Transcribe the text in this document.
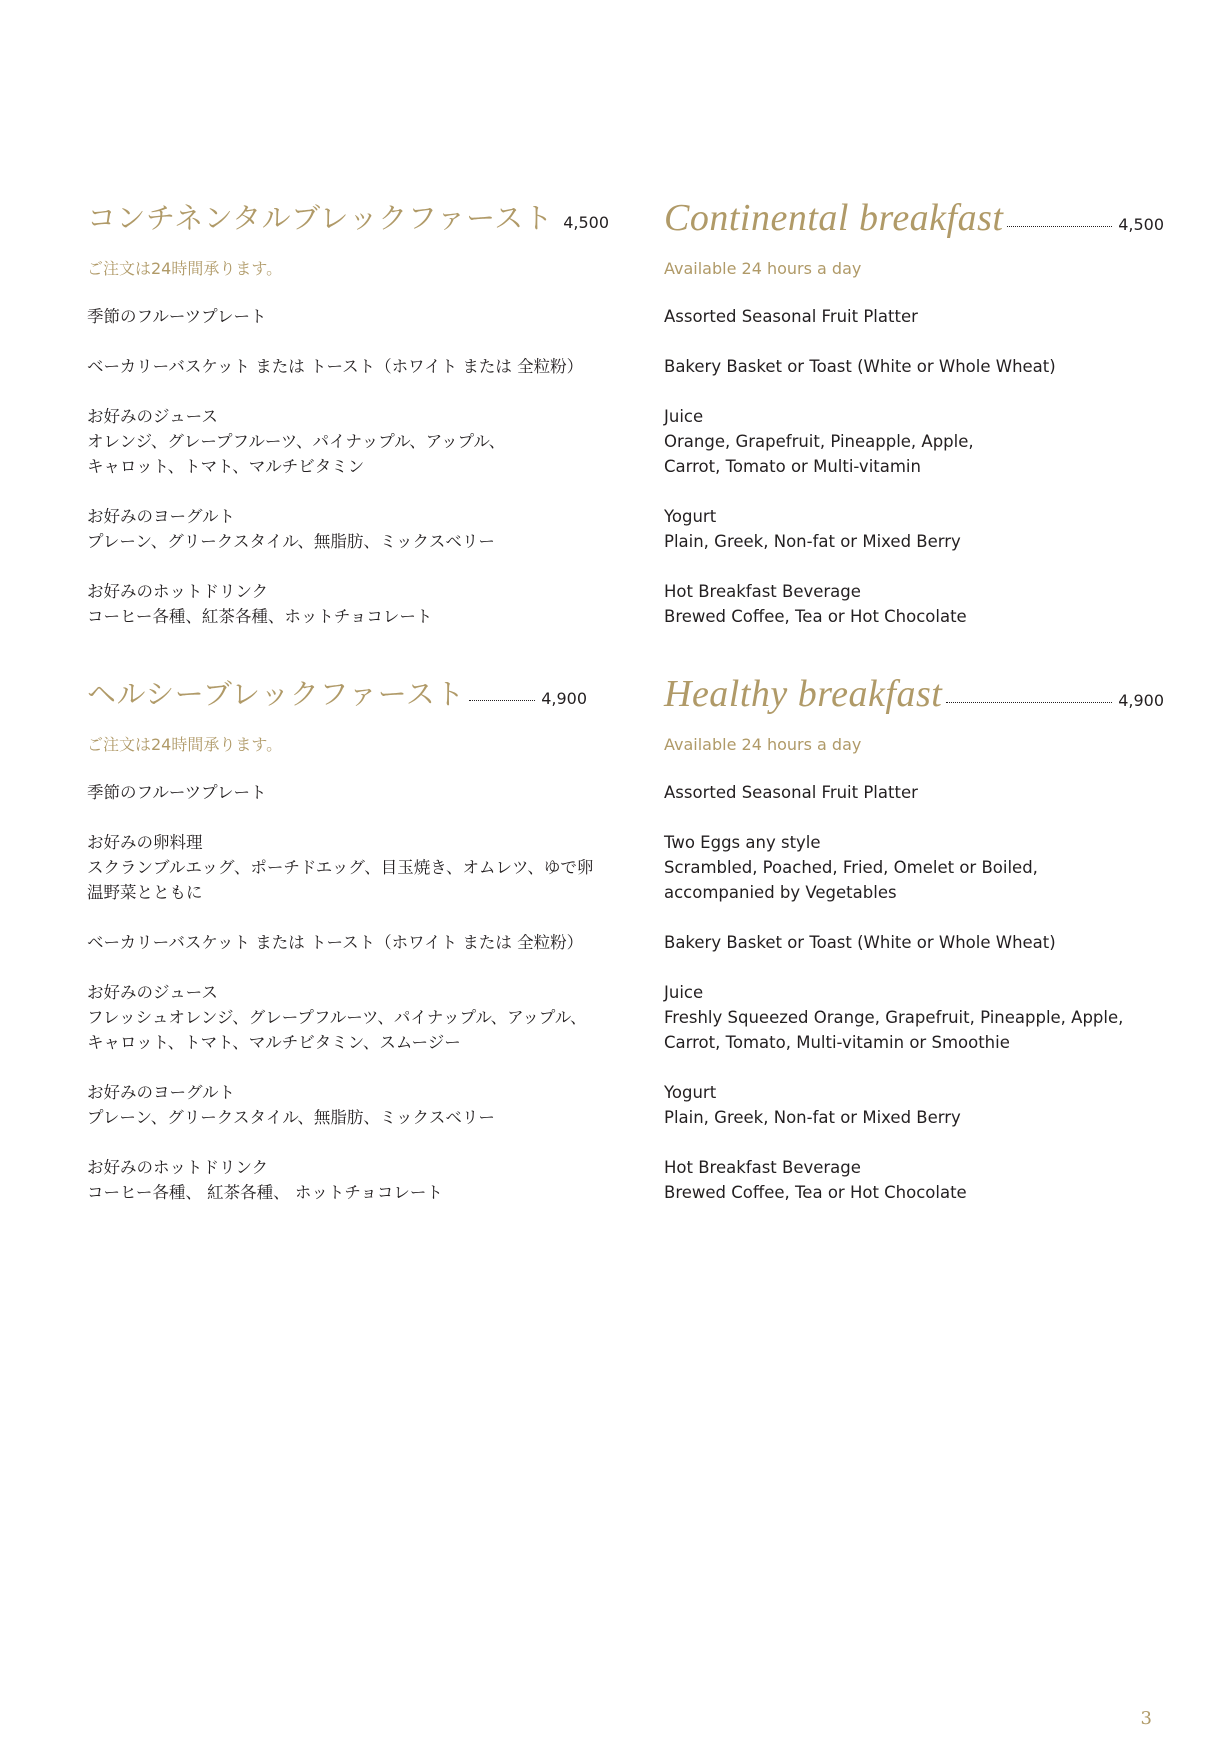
コンチネンタルブレックファースト 4,500
ご注文は24時間承ります。
季節のフルーツプレート
ベーカリーバスケット または トースト（ホワイト または 全粒粉）
お好みのジュース
オレンジ、グレープフルーツ、パイナップル、アップル、
キャロット、トマト、マルチビタミン
お好みのヨーグルト
プレーン、グリークスタイル、無脂肪、ミックスベリー
お好みのホットドリンク
コーヒー各種、紅茶各種、ホットチョコレート
Continental breakfast	4,500
Available 24 hours a day
Assorted Seasonal Fruit Platter
Bakery Basket or Toast (White or Whole Wheat)
Juice
Orange, Grapefruit, Pineapple, Apple,
Carrot, Tomato or Multi-vitamin
Yogurt
Plain, Greek, Non-fat or Mixed Berry
Hot Breakfast Beverage
Brewed Coffee, Tea or Hot Chocolate
ヘルシーブレックファースト	4,900
ご注文は24時間承ります。
季節のフルーツプレート
お好みの卵料理
スクランブルエッグ、ポーチドエッグ、目玉焼き、オムレツ、ゆで卵
温野菜とともに
ベーカリーバスケット または トースト（ホワイト または 全粒粉）
お好みのジュース
フレッシュオレンジ、グレープフルーツ、パイナップル、アップル、
キャロット、トマト、マルチビタミン、スムージー
お好みのヨーグルト
プレーン、グリークスタイル、無脂肪、ミックスベリー
お好みのホットドリンク
コーヒー各種、 紅茶各種、 ホットチョコレート
Healthy breakfast	4,900
Available 24 hours a day
Assorted Seasonal Fruit Platter
Two Eggs any style
Scrambled, Poached, Fried, Omelet or Boiled,
accompanied by Vegetables
Bakery Basket or Toast (White or Whole Wheat)
Juice
Freshly Squeezed Orange, Grapefruit, Pineapple, Apple,
Carrot, Tomato, Multi-vitamin or Smoothie
Yogurt
Plain, Greek, Non-fat or Mixed Berry
Hot Breakfast Beverage
Brewed Coffee, Tea or Hot Chocolate
3
